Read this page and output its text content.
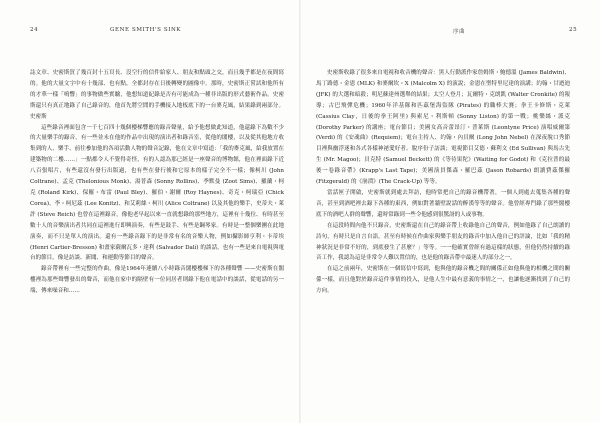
24	GENE SMITH'S SINK

誌文章、史密斯買了幾百封十五頁長、沒空行的信件給家人、朋友和點頭之交，而且幾乎都是在夜間寫的。他的大量文字中有十幾部、也有點，全都封存在日後轉變的圖像中。那時，史密斯正嘗試和他所有的才華一樣「鳴響」的事物做些實驗，他想知道紀錄是否有可能成為一種非出版的形式藝術作品。史密斯還只有真正地錄了自己錄音的，他首先將空閒的手機接入地板底下的一台麥克風，結果錄到兩部分。史密斯

這些錄音裡面包含一千七百四十幾個樓梯響應的錄音聲量，給予他想做此知道，他還錄下為數不少的大量樂手的錄音，有一些並未在他的作品中出現的演出者和錄音室，從他的閣樓，以及從其他地方收集到的人、樂手、前往參加他的各項活動人物的聲音記錄，他在文章中寫道：「我的麥克風，給我放置在建築物的二樓……」一點都令人不覺得奇怪，有的人認為那已經是一座聲音的博物館，他在裡面錄下近八百張唱片，有些還沒有發行出版過，也有些在發行後和它原本的樣子完全不一樣；像柯川 (John Coltrane)、孟克 (Thelonious Monk)、湯普森 (Sonny Rollins)、季默曼 (Zoot Sims)、羅蘭・柯克 (Roland Kirk)、保羅・布雷 (Paul Bley)、羅伯・謝爾 (Roy Haynes)、奇克・柯瑞亞 (Chick Corea)、李・柯尼茲 (Lee Konitz)、和艾莉絲・柯川 (Alice Coltrane) 以及其他的樂手，史蒂夫・萊許 (Steve Reich) 也曾在這裡錄音，像他老早起以來一直就想錄的那些地方，這裡有十幾位、有時甚至數十人的音樂演出者共同在這裡進行即興演奏，有些是鼓手、有些是鋼琴家。有時是一整個樂團在此地演奏，而不只是單人的演出。還有一些錄音錄下的是非常有名的音樂人物，例如攝影師亨利・卡蒂埃 (Henri Cartier-Bresson) 和畫家薩爾瓦多・達利 (Salvador Dalí) 的談話，也有一些是來自電視與電台的節目，像是訪談、新聞、和運動等節目的聲音。

錄音帶裡有一些完整的作曲，像是1964年連續八小時錄音閣樓樓梯下的各種聲響 ——史密斯在閣樓裡為那些聲響發出的聲音，而他在家中的隔壁有一位同居者則錄下他在電話中的談話，從電話的另一端，傳來噪音和……

序曲	25

史密斯收錄了很多來自電視和收音機的聲音：黑人行動派作家詹姆斯・鮑德溫 (James Baldwin)、馬丁路德・金恩 (MLK) 和麥爾坎・X (Malcolm X) 的演說；金恩在聖特里尼達的演講；約翰・甘迺迪 (JFK) 的大選和暗殺；明尼蘇達州選舉的結果；太空人登月；瓦爾特・克朗凱 (Walter Cronkite) 的報導；古巴飛彈危機；1960年洋基隊和匹茲堡海盜隊 (Pirates) 的職棒大賽；拳王卡修斯・克萊 (Cassius Clay，日後的拳王阿里) 與索尼・利斯頓 (Sonny Liston) 的第一戰；桃樂絲・派克 (Dorothy Parker) 的講座；電台節目；美國女高音蕾昂汀・普萊斯 (Leontyne Price) 演唱威爾第 (Verdi) 的《安魂曲》(Requiem)；電台主持人、約翰・內貝爾 (Long John Nebel) 在深夜脫口秀節目裡與幽浮迷和各式各樣神祕愛好者、脫序份子訪談；電視節目艾德・蘇利文 (Ed Sullivan) 與馬古先生 (Mr. Magoo)；貝克特 (Samuel Beckett) 的《等待果陀》(Waiting for Godot) 和《克拉普的最後一卷錄音帶》(Krapp's Last Tape)；美國演員傑森・羅巴茲 (Jason Robards) 朗讀費茲傑羅 (Fitzgerald) 的《崩潰》(The Crack-Up) 等等。

當話匣子開啟，史密斯就到處去拜訪，他時常把自己的錄音機帶著，一個人到處去蒐集各種的聲音，甚至到酒吧裡去錄下各種的東西，例如對著牆壁說話的醉漢等等的聲音。他曾經專門錄了那些閣樓底下的酒吧人群的聲響，還時常錄到一些令他感到很驚訝的人或事物。

在這段時間內他不只錄音，史密斯還在自己的錄音帶上收錄他自己的聲音，例如他錄了自己朗讀的詩句，有時只是自言自語，甚至有時候在作曲家與樂手朋友的錄音中加入他自己的評論，比如「我的精神狀況是非常不好的，到底發生了甚麼？」等等。一一他確實曾經有過這樣的狀態，但他仍然持續的錄音工作，我認為這是非常令人難以置信的，也是他的錄音帶中最迷人的部分之一。

在這之前兩年，史密斯在一個寫信中寫到，他與他的錄音機之間的關係正如他與他的相機之間的關係一樣，而且他對於錄音這件事情的投入，是他人生中最有意義的事情之一，也讓他逐漸找到了自己的方向。
